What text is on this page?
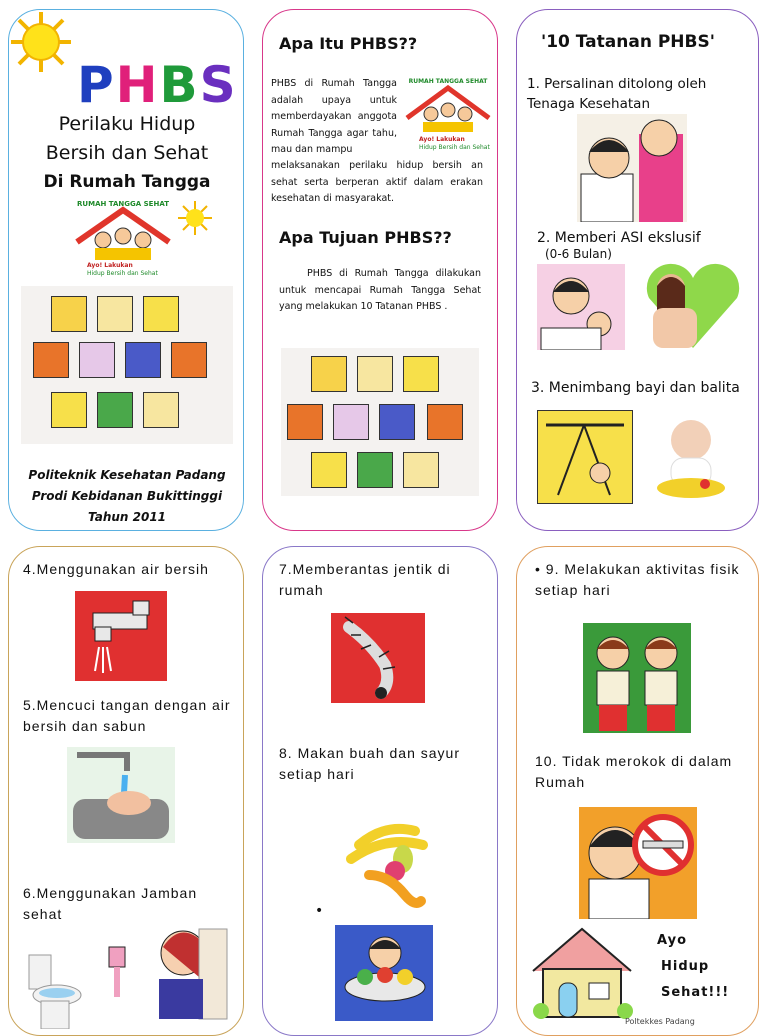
PHBS
Perilaku Hidup
Bersih dan Sehat
Di Rumah Tangga
RUMAH TANGGA SEHAT
Ayo! Lakukan
Hidup Bersih dan Sehat
Politeknik Kesehatan Padang
Prodi Kebidanan Bukittinggi
Tahun 2011
Apa Itu PHBS??
PHBS di Rumah Tangga adalah upaya untuk memberdayakan anggota Rumah Tangga agar tahu, mau dan mampu
melaksanakan perilaku hidup bersih an sehat serta berperan aktif dalam erakan kesehatan di masyarakat.
RUMAH TANGGA SEHAT
Ayo! Lakukan
Hidup Bersih dan Sehat
Apa Tujuan PHBS??
PHBS di Rumah Tangga dilakukan untuk mencapai Rumah Tangga Sehat yang melakukan 10 Tatanan PHBS .
'10 Tatanan PHBS'
1. Persalinan ditolong oleh Tenaga Kesehatan
2. Memberi ASI ekslusif
(0-6 Bulan)
3. Menimbang bayi dan balita
4.Menggunakan air bersih
5.Mencuci tangan dengan air bersih dan sabun
6.Menggunakan Jamban sehat
7.Memberantas jentik di rumah
8. Makan buah dan sayur setiap hari
•
• 9. Melakukan aktivitas fisik setiap hari
10. Tidak merokok di dalam Rumah
Ayo
Hidup
Sehat!!!
Poltekkes Padang
